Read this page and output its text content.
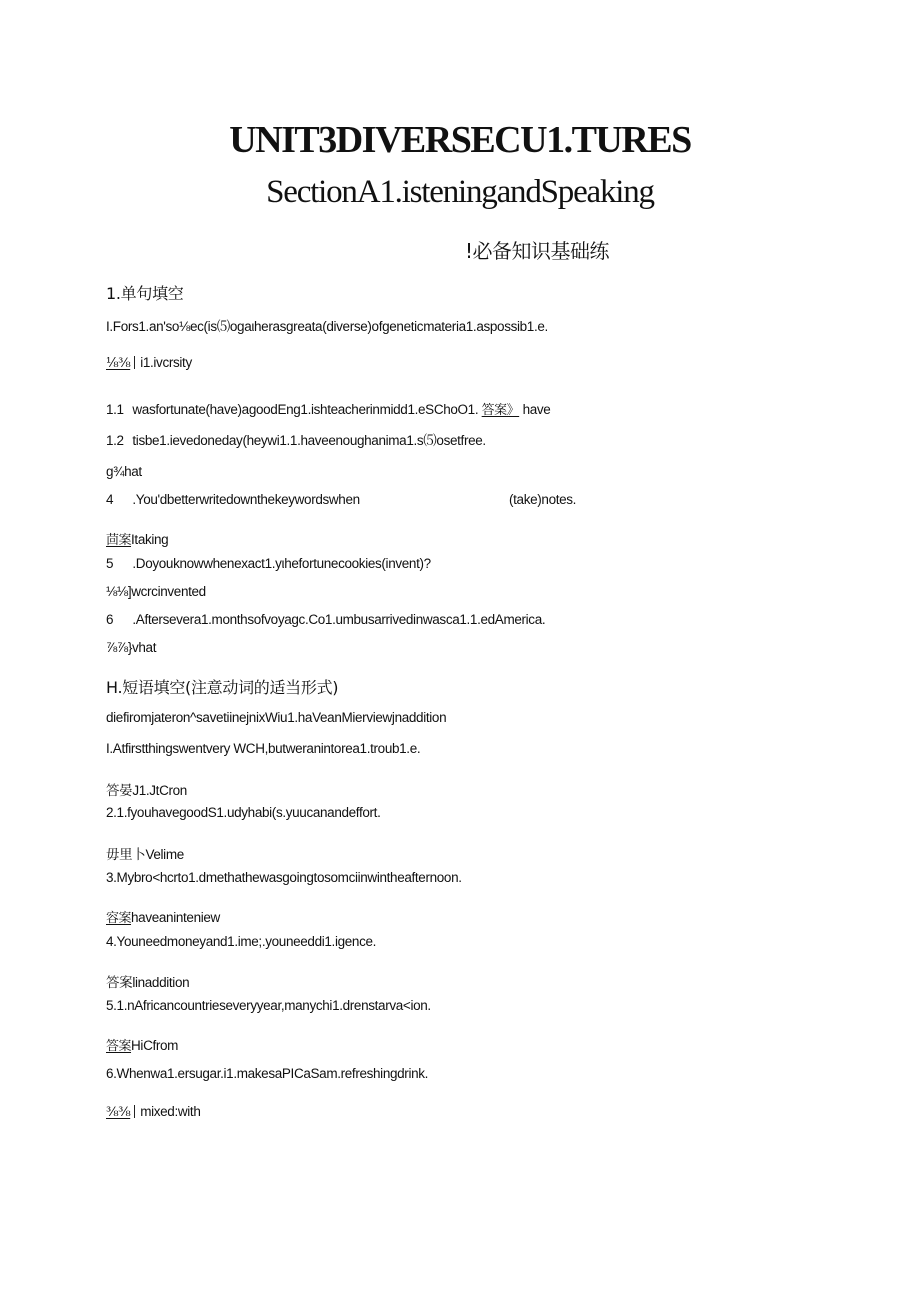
UNIT3DIVERSECU1.TURES
SectionA1.isteningandSpeaking
!必备知识基础练
1.单句填空
I.Fors1.an'so⅛ec(is⑸ogaιherasgreata(diverse)ofgeneticmateria1.aspossib1.e.
⅛⅜ i1.ivcrsity
1.1 wasfortunate(have)agoodEng1.ishteacherinmidd1.eSChoO1. 答案》 have
1.2 tisbe1.ievedoneday(heywi1.1.haveenoughanima1.s⑸osetfree.
g¾hat
4 .You'dbetterwritedownthekeywordswhen	(take)notes.
茴案Itaking
5 .Doyouknowwhenexact1.yιhefortunecookies(invent)?
⅛⅛]wcrcinvented
6 .Aftersevera1.monthsofvoyagc.Co1.umbusarrivedinwasca1.1.edAmerica.
⅞⅞}vhat
H.短语填空(注意动词的适当形式)
diefiromjateron^savetiinejnixWiu1.haVeanMierviewjnaddition
I.Atfirstthingswentvery WCH,butweranintorea1.troub1.e.
答晏J1.JtCron
2.1.fyouhavegoodS1.udyhabi(s.yuucanandeffort.
毋里卜Velime
3.Mybro<hcrto1.dmethathewasgoingtosomciinwintheafternoon.
容案haveaninteniew
4.Youneedmoneyand1.ime;.youneeddi1.igence.
答案linaddition
5.1.nAfricancountrieseveryyear,manychi1.drenstarva<ion.
答案HiCfrom
6.Whenwa1.ersugar.i1.makesaPICaSam.refreshingdrink.
⅜⅜ mixed:with
